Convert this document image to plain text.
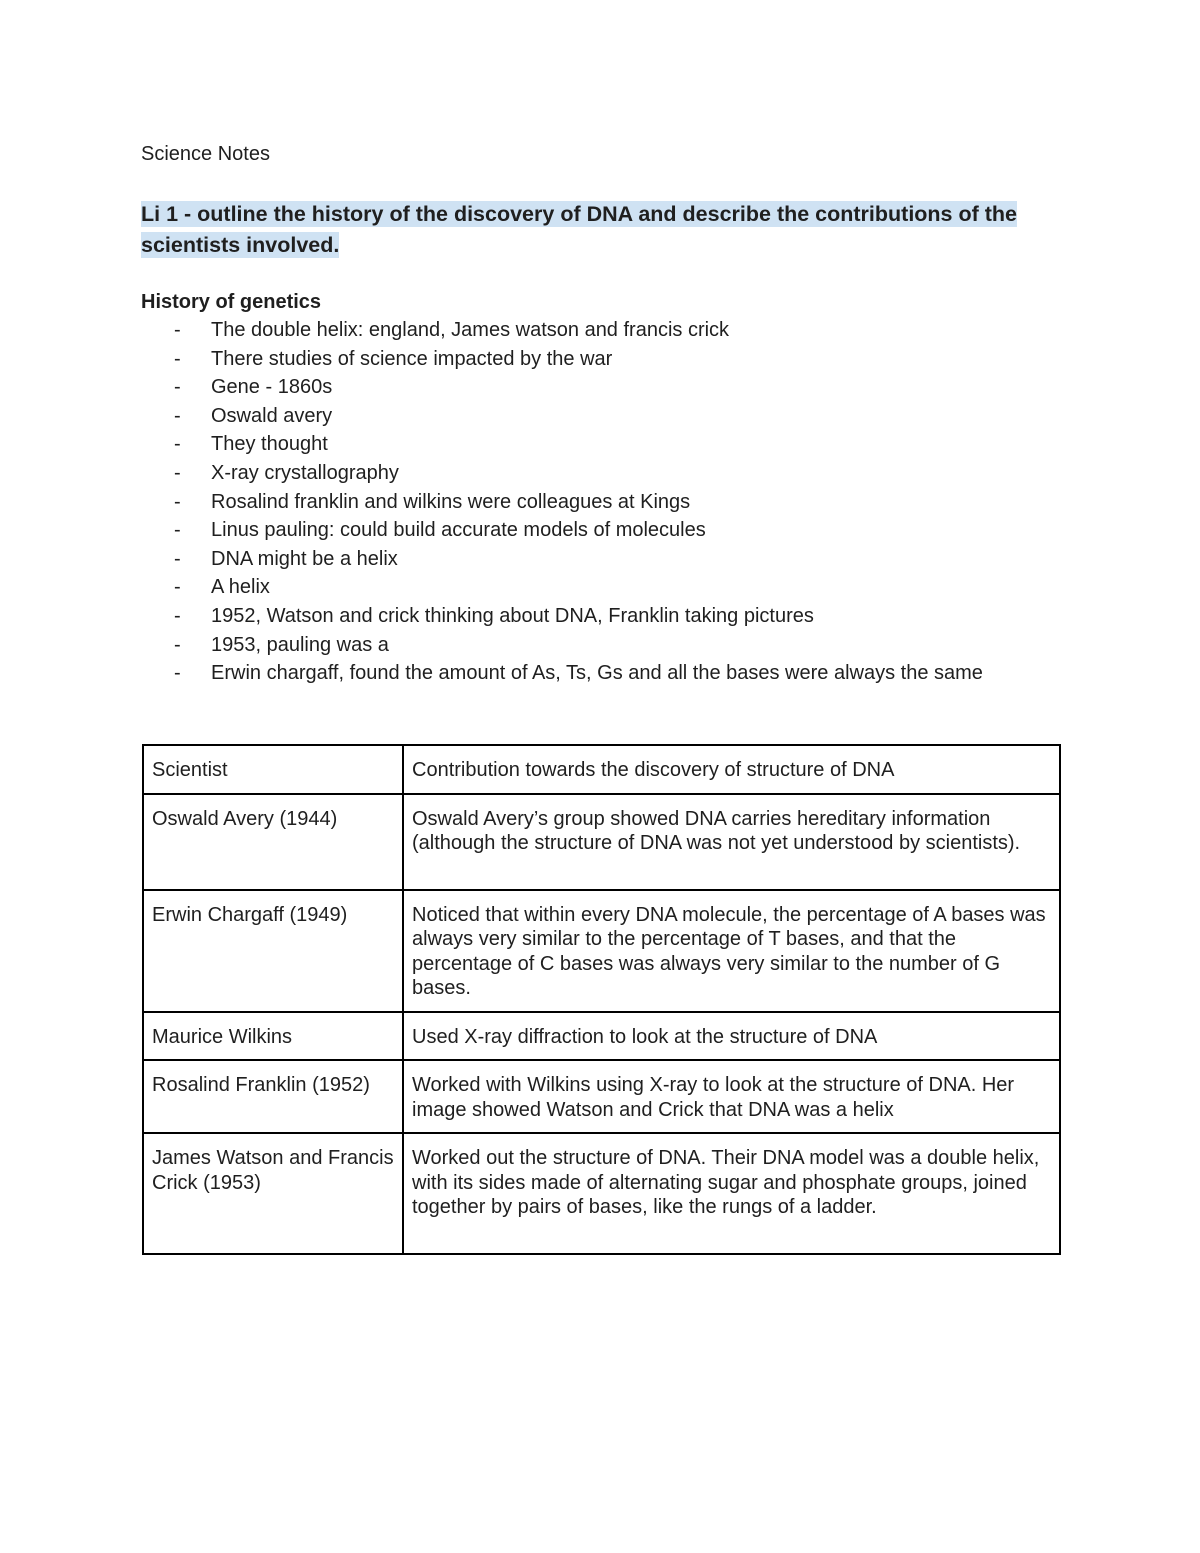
Science Notes
Li 1 - outline the history of the discovery of DNA and describe the contributions of the scientists involved.
History of genetics
- The double helix: england, James watson and francis crick
- There studies of science impacted by the war
- Gene - 1860s
- Oswald avery
- They thought
- X-ray crystallography
- Rosalind franklin and wilkins were colleagues at Kings
- Linus pauling: could build accurate models of molecules
- DNA might be a helix
- A helix
- 1952, Watson and crick thinking about DNA, Franklin taking pictures
- 1953, pauling was a
- Erwin chargaff, found the amount of As, Ts, Gs and all the bases were always the same
Scientist	Contribution towards the discovery of structure of DNA
Oswald Avery (1944)	Oswald Avery’s group showed DNA carries hereditary information (although the structure of DNA was not yet understood by scientists).
Erwin Chargaff (1949)	Noticed that within every DNA molecule, the percentage of A bases was always very similar to the percentage of T bases, and that the percentage of C bases was always very similar to the number of G bases.
Maurice Wilkins	Used X-ray diffraction to look at the structure of DNA
Rosalind Franklin (1952)	Worked with Wilkins using X-ray to look at the structure of DNA. Her image showed Watson and Crick that DNA was a helix
James Watson and Francis Crick (1953)	Worked out the structure of DNA. Their DNA model was a double helix, with its sides made of alternating sugar and phosphate groups, joined together by pairs of bases, like the rungs of a ladder.
